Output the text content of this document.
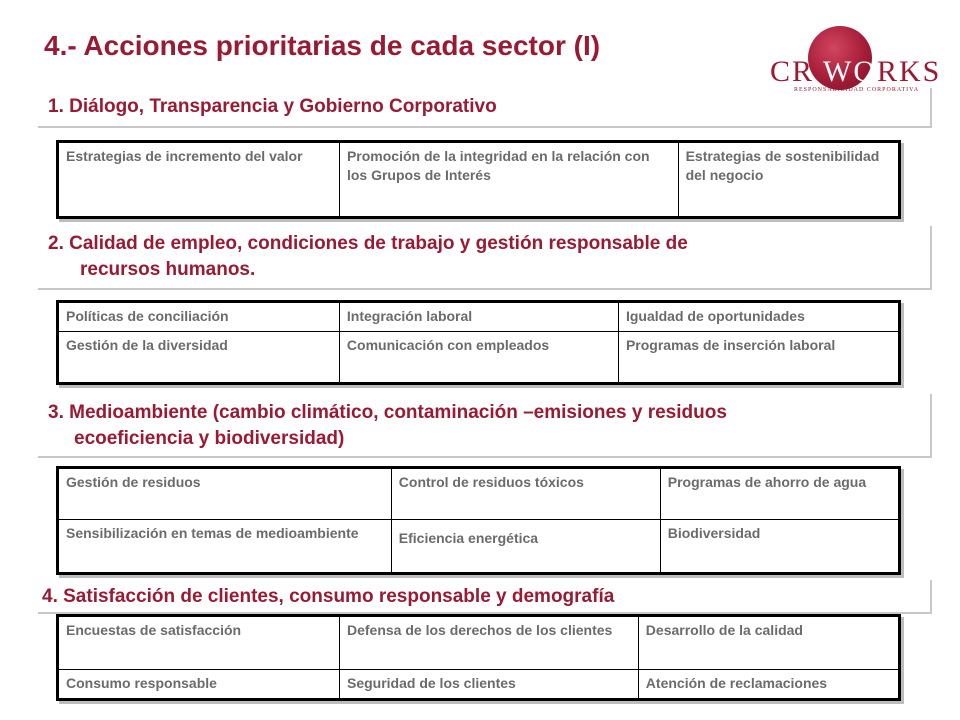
4.- Acciones prioritarias de cada sector (I)
CR WORKS
RESPONSABILIDAD CORPORATIVA
1. Diálogo, Transparencia y Gobierno Corporativo
Estrategias de incremento del valor	Promoción de la integridad en la relación con los Grupos de Interés	Estrategias de sostenibilidad del negocio
2. Calidad de empleo, condiciones de trabajo y gestión responsable de
recursos humanos.
Políticas de conciliación	Integración laboral	Igualdad de oportunidades
Gestión de la diversidad	Comunicación con empleados	Programas de inserción laboral
3. Medioambiente (cambio climático, contaminación –emisiones y residuos
ecoeficiencia y biodiversidad)
Gestión de residuos	Control de residuos tóxicos	Programas de ahorro de agua
Sensibilización en temas de medioambiente	Eficiencia energética	Biodiversidad
4. Satisfacción de clientes, consumo responsable y demografía
Encuestas de satisfacción	Defensa de los derechos de los clientes	Desarrollo de la calidad
Consumo responsable	Seguridad de los clientes	Atención de reclamaciones
